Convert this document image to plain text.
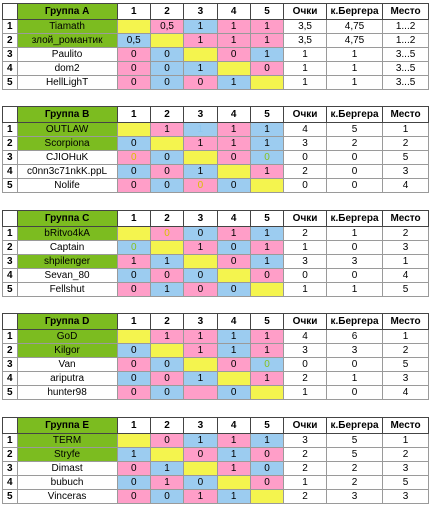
	Группа A	1	2	3	4	5	Очки	к.Бергера	Место
1	Tiamath		0,5	1	1	1	3,5	4,75	1...2
2	злой_романтик	0,5		1	1	1	3,5	4,75	1...2
3	Paulito	0	0		0	1	1	1	3...5
4	dom2	0	0	1		0	1	1	3...5
5	HellLighT	0	0	0	1		1	1	3...5
	Группа B	1	2	3	4	5	Очки	к.Бергера	Место
1	OUTLAW		1	1	1	1	4	5	1
2	Scorpiona	0		1	1	1	3	2	2
3	CJIOHuK	0	0		0	0	0	0	5
4	c0nn3c71nkK.ppL	0	0	1		1	2	0	3
5	Nolife	0	0	0	0		0	0	4
	Группа C	1	2	3	4	5	Очки	к.Бергера	Место
1	bRitvo4kA		0	0	1	1	2	1	2
2	Captain	0		1	0	1	1	0	3
3	shpilenger	1	1		0	1	3	3	1
4	Sevan_80	0	0	0		0	0	0	4
5	Fellshut	0	1	0	0		1	1	5
	Группа D	1	2	3	4	5	Очки	к.Бергера	Место
1	GoD		1	1	1	1	4	6	1
2	Kilgor	0		1	1	1	3	3	2
3	Van	0	0		0	0	0	0	5
4	ariputra	0	0	1		1	2	1	3
5	hunter98	0	0	1	0		1	0	4
	Группа E	1	2	3	4	5	Очки	к.Бергера	Место
1	TERM		0	1	1	1	3	5	1
2	Stryfe	1		0	1	0	2	5	2
3	Dimast	0	1		1	0	2	2	3
4	bubuch	0	1	0		0	1	2	5
5	Vinceras	0	0	1	1		2	3	3
